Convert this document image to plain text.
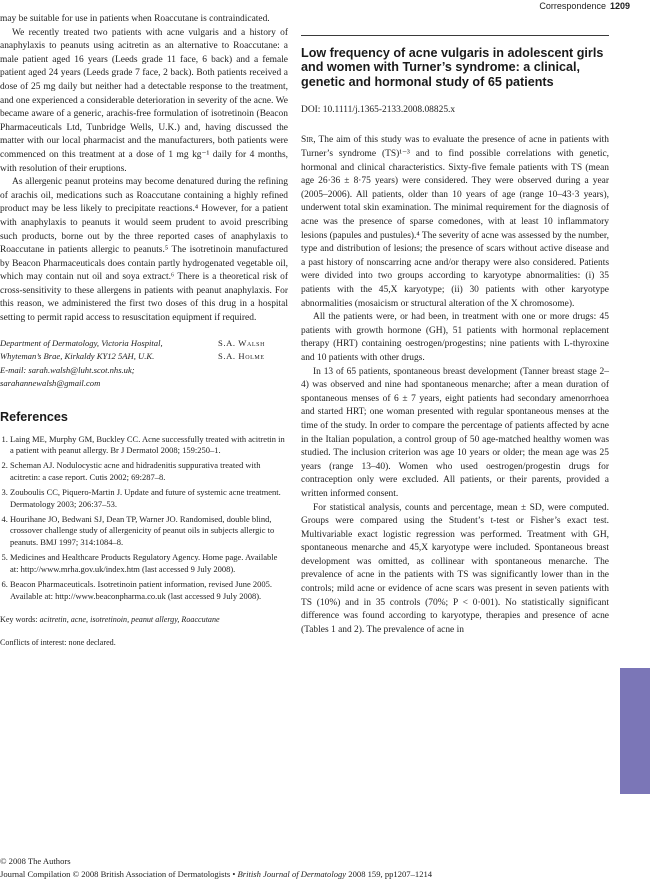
Correspondence 1209

may be suitable for use in patients when Roaccutane is contraindicated.

We recently treated two patients with acne vulgaris and a history of anaphylaxis to peanuts using acitretin as an alternative to Roaccutane: a male patient aged 16 years (Leeds grade 11 face, 6 back) and a female patient aged 24 years (Leeds grade 7 face, 2 back). Both patients received a dose of 25 mg daily but neither had a detectable response to the treatment, and one experienced a considerable deterioration in severity of the acne. We became aware of a generic, arachis-free formulation of isotretinoin (Beacon Pharmaceuticals Ltd, Tunbridge Wells, U.K.) and, having discussed the matter with our local pharmacist and the manufacturers, both patients were commenced on this treatment at a dose of 1 mg kg⁻¹ daily for 4 months, with resolution of their eruptions.

As allergenic peanut proteins may become denatured during the refining of arachis oil, medications such as Roaccutane containing a highly refined product may be less likely to precipitate reactions.⁴ However, for a patient with anaphylaxis to peanuts it would seem prudent to avoid prescribing such products, borne out by the three reported cases of anaphylaxis to Roaccutane in patients allergic to peanuts.⁵ The isotretinoin manufactured by Beacon Pharmaceuticals does contain partly hydrogenated vegetable oil, which may contain nut oil and soya extract.⁶ There is a theoretical risk of cross-sensitivity to these allergens in patients with peanut anaphylaxis. For this reason, we administered the first two doses of this drug in a hospital setting to permit rapid access to resuscitation equipment if required.

Department of Dermatology, Victoria Hospital,
Whyteman’s Brae, Kirkaldy KY12 5AH, U.K.
E-mail: sarah.walsh@luht.scot.nhs.uk;
sarahannewalsh@gmail.com
S.A. Walsh
S.A. Holme
References
1. Laing ME, Murphy GM, Buckley CC. Acne successfully treated with acitretin in a patient with peanut allergy. Br J Dermatol 2008; 159:250–1.
2. Scheman AJ. Nodulocystic acne and hidradenitis suppurativa treated with acitretin: a case report. Cutis 2002; 69:287–8.
3. Zouboulis CC, Piquero-Martin J. Update and future of systemic acne treatment. Dermatology 2003; 206:37–53.
4. Hourihane JO, Bedwani SJ, Dean TP, Warner JO. Randomised, double blind, crossover challenge study of allergenicity of peanut oils in subjects allergic to peanuts. BMJ 1997; 314:1084–8.
5. Medicines and Healthcare Products Regulatory Agency. Home page. Available at: http://www.mrha.gov.uk/index.htm (last accessed 9 July 2008).
6. Beacon Pharmaceuticals. Isotretinoin patient information, revised June 2005. Available at: http://www.beaconpharma.co.uk (last accessed 9 July 2008).
Key words: acitretin, acne, isotretinoin, peanut allergy, Roaccutane
Conflicts of interest: none declared.
Low frequency of acne vulgaris in adolescent girls and women with Turner’s syndrome: a clinical, genetic and hormonal study of 65 patients
DOI: 10.1111/j.1365-2133.2008.08825.x

Sir, The aim of this study was to evaluate the presence of acne in patients with Turner’s syndrome (TS)¹⁻³ and to find possible correlations with genetic, hormonal and clinical characteristics. Sixty-five female patients with TS (mean age 26·36 ± 8·75 years) were considered. They were observed during a year (2005–2006). All patients, older than 10 years of age (range 10–43·3 years), underwent total skin examination. The minimal requirement for the diagnosis of acne was the presence of sparse comedones, with at least 10 inflammatory lesions (papules and pustules).⁴ The severity of acne was assessed by the number, type and distribution of lesions; the presence of scars without active disease and a past history of nonscarring acne and/or therapy were also considered. Patients were divided into two groups according to karyotype abnormalities: (i) 35 patients with the 45,X karyotype; (ii) 30 patients with other karyotype abnormalities (mosaicism or structural alteration of the X chromosome).

All the patients were, or had been, in treatment with one or more drugs: 45 patients with growth hormone (GH), 51 patients with hormonal replacement therapy (HRT) containing oestrogen/progestins; nine patients with L-thyroxine and 10 patients with other drugs.

In 13 of 65 patients, spontaneous breast development (Tanner breast stage 2–4) was observed and nine had spontaneous menarche; after a mean duration of spontaneous menses of 6 ± 7 years, eight patients had secondary amenorrhoea and started HRT; one woman presented with regular spontaneous menses at the time of the study. In order to compare the percentage of patients affected by acne in the Italian population, a control group of 50 age-matched healthy women was studied. The inclusion criterion was age 10 years or older; the mean age was 25 years (range 13–40). Women who used oestrogen/progestin drugs for contraception only were excluded. All patients, or their parents, provided a written informed consent.

For statistical analysis, counts and percentage, mean ± SD, were computed. Groups were compared using the Student’s t-test or Fisher’s exact test. Multivariable exact logistic regression was performed. Treatment with GH, spontaneous menarche and 45,X karyotype were included. Spontaneous breast development was omitted, as collinear with spontaneous menarche. The prevalence of acne in the patients with TS was significantly lower than in the controls; mild acne or evidence of acne scars was present in seven patients with TS (10%) and in 35 controls (70%; P < 0·001). No statistically significant difference was found according to karyotype, therapies and presence of acne (Tables 1 and 2). The prevalence of acne in

© 2008 The Authors
Journal Compilation © 2008 British Association of Dermatologists • British Journal of Dermatology 2008 159, pp1207–1214
